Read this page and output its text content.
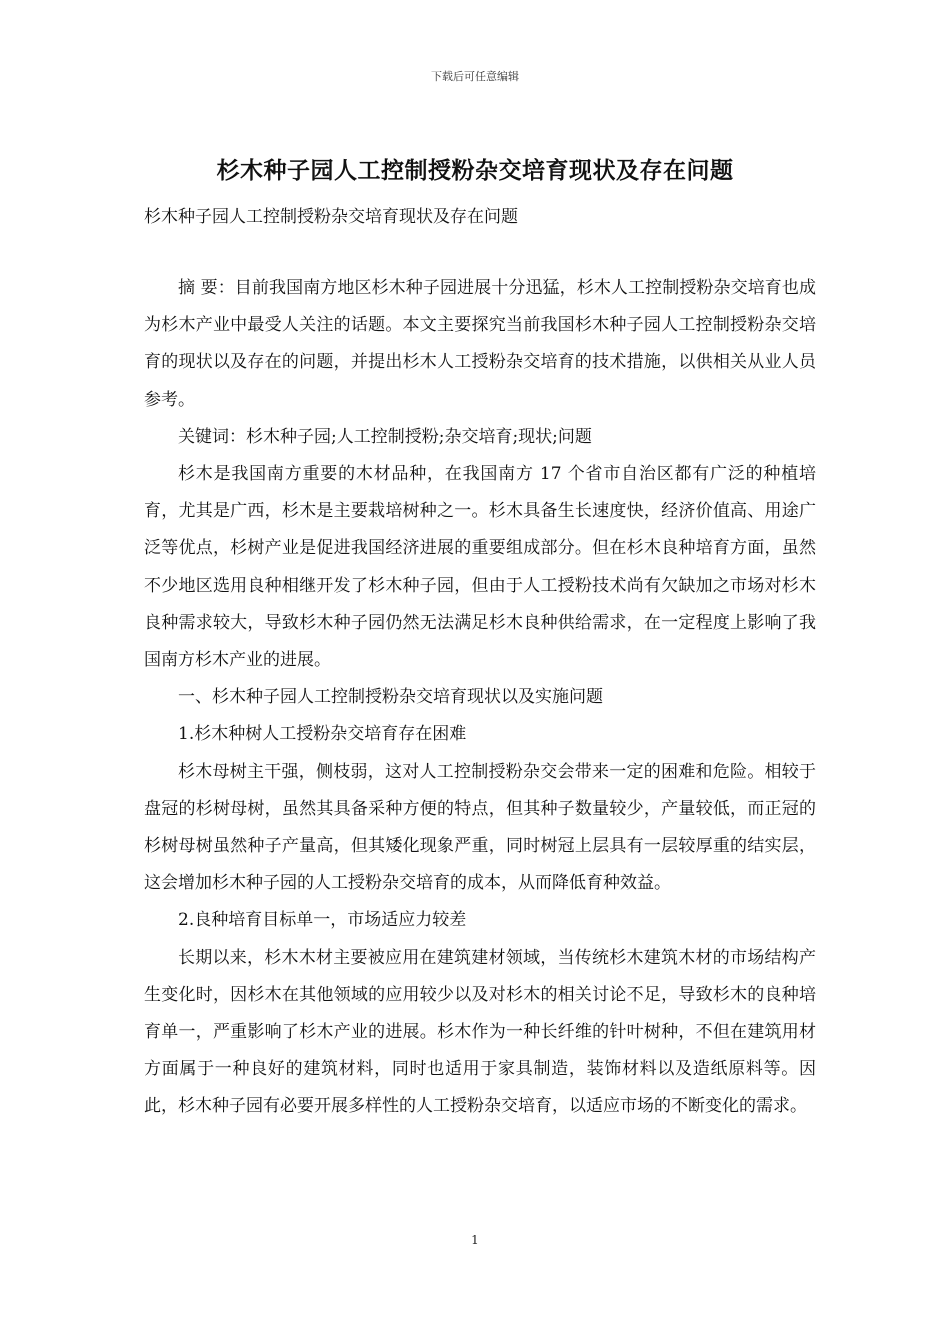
下载后可任意编辑
杉木种子园人工控制授粉杂交培育现状及存在问题
杉木种子园人工控制授粉杂交培育现状及存在问题

摘 要：目前我国南方地区杉木种子园进展十分迅猛，杉木人工控制授粉杂交培育也成为杉木产业中最受人关注的话题。本文主要探究当前我国杉木种子园人工控制授粉杂交培育的现状以及存在的问题，并提出杉木人工授粉杂交培育的技术措施，以供相关从业人员参考。

关键词：杉木种子园;人工控制授粉;杂交培育;现状;问题

杉木是我国南方重要的木材品种，在我国南方 17 个省市自治区都有广泛的种植培育，尤其是广西，杉木是主要栽培树种之一。杉木具备生长速度快，经济价值高、用途广泛等优点，杉树产业是促进我国经济进展的重要组成部分。但在杉木良种培育方面，虽然不少地区选用良种相继开发了杉木种子园，但由于人工授粉技术尚有欠缺加之市场对杉木良种需求较大，导致杉木种子园仍然无法满足杉木良种供给需求，在一定程度上影响了我国南方杉木产业的进展。

一、杉木种子园人工控制授粉杂交培育现状以及实施问题

1.杉木种树人工授粉杂交培育存在困难

杉木母树主干强，侧枝弱，这对人工控制授粉杂交会带来一定的困难和危险。相较于盘冠的杉树母树，虽然其具备采种方便的特点，但其种子数量较少，产量较低，而正冠的杉树母树虽然种子产量高，但其矮化现象严重，同时树冠上层具有一层较厚重的结实层，这会增加杉木种子园的人工授粉杂交培育的成本，从而降低育种效益。

2.良种培育目标单一，市场适应力较差

长期以来，杉木木材主要被应用在建筑建材领域，当传统杉木建筑木材的市场结构产生变化时，因杉木在其他领域的应用较少以及对杉木的相关讨论不足，导致杉木的良种培育单一，严重影响了杉木产业的进展。杉木作为一种长纤维的针叶树种，不但在建筑用材方面属于一种良好的建筑材料，同时也适用于家具制造，装饰材料以及造纸原料等。因此，杉木种子园有必要开展多样性的人工授粉杂交培育，以适应市场的不断变化的需求。

1
